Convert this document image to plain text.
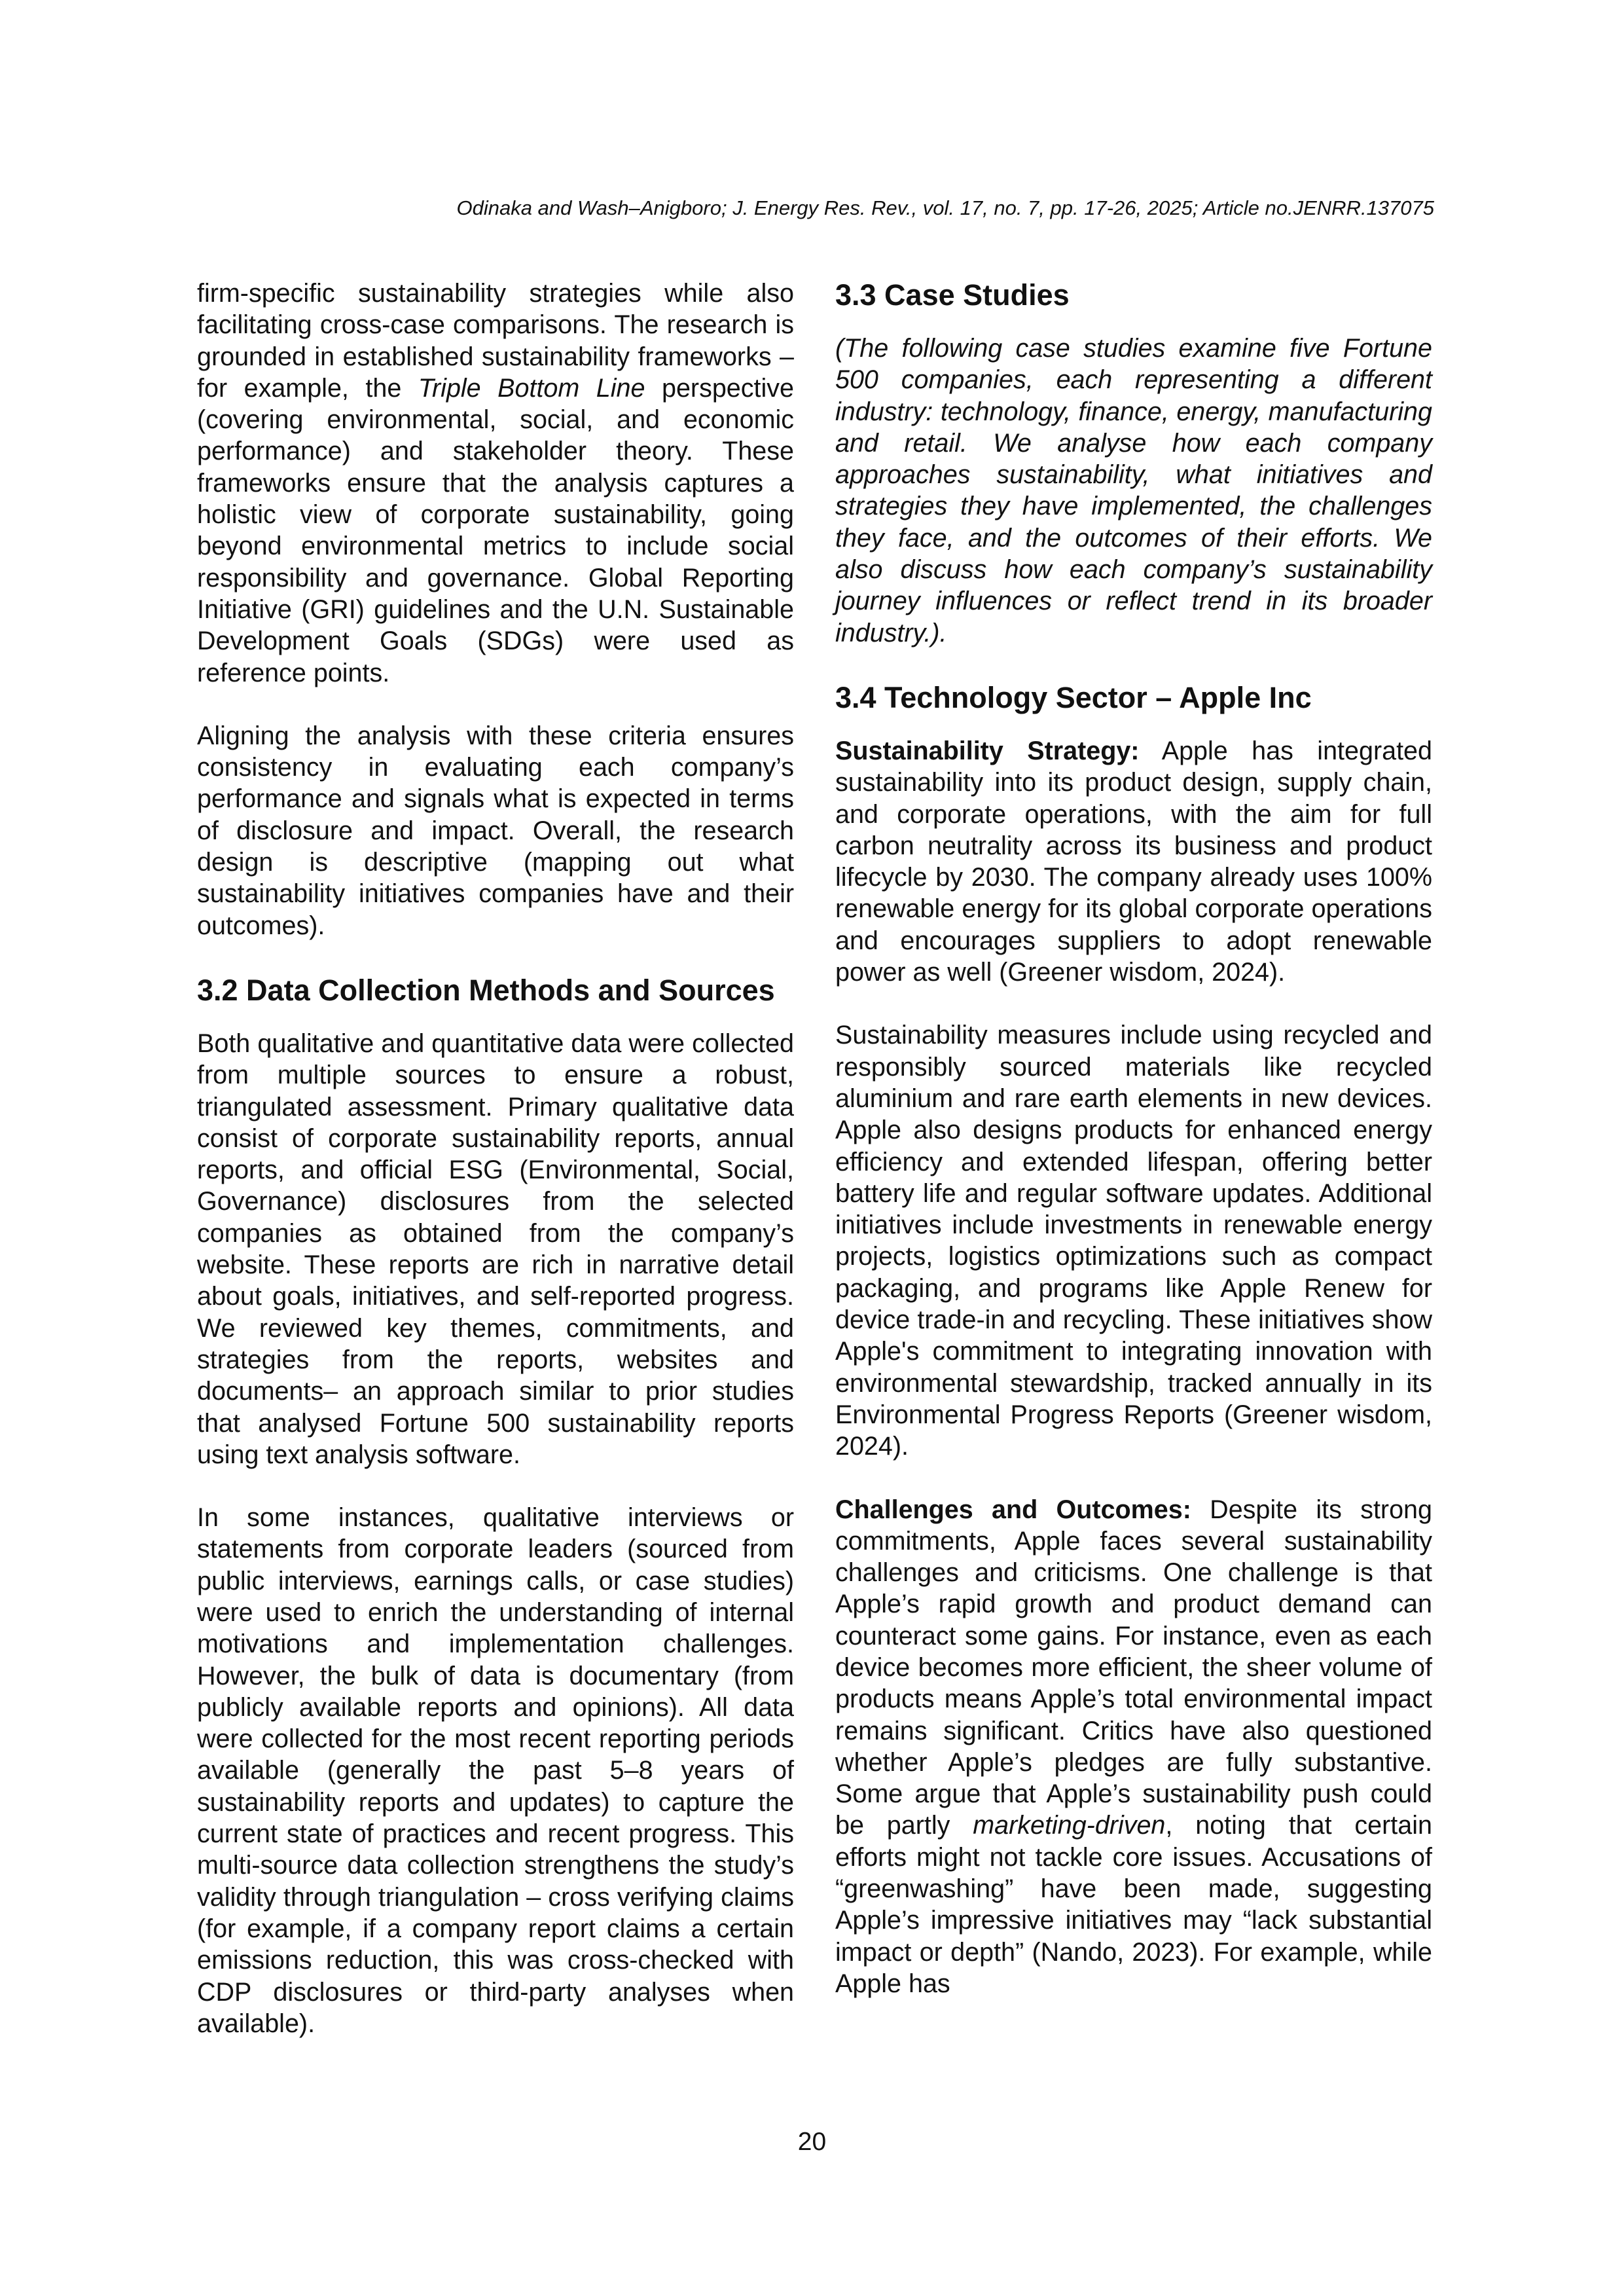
Odinaka and Wash–Anigboro; J. Energy Res. Rev., vol. 17, no. 7, pp. 17-26, 2025; Article no.JENRR.137075

firm-specific sustainability strategies while also facilitating cross-case comparisons. The research is grounded in established sustainability frameworks – for example, the Triple Bottom Line perspective (covering environmental, social, and economic performance) and stakeholder theory. These frameworks ensure that the analysis captures a holistic view of corporate sustainability, going beyond environmental metrics to include social responsibility and governance. Global Reporting Initiative (GRI) guidelines and the U.N. Sustainable Development Goals (SDGs) were used as reference points.

Aligning the analysis with these criteria ensures consistency in evaluating each company’s performance and signals what is expected in terms of disclosure and impact. Overall, the research design is descriptive (mapping out what sustainability initiatives companies have and their outcomes).

3.2 Data Collection Methods and Sources

Both qualitative and quantitative data were collected from multiple sources to ensure a robust, triangulated assessment. Primary qualitative data consist of corporate sustainability reports, annual reports, and official ESG (Environmental, Social, Governance) disclosures from the selected companies as obtained from the company’s website. These reports are rich in narrative detail about goals, initiatives, and self-reported progress. We reviewed key themes, commitments, and strategies from the reports, websites and documents– an approach similar to prior studies that analysed Fortune 500 sustainability reports using text analysis software.

In some instances, qualitative interviews or statements from corporate leaders (sourced from public interviews, earnings calls, or case studies) were used to enrich the understanding of internal motivations and implementation challenges. However, the bulk of data is documentary (from publicly available reports and opinions). All data were collected for the most recent reporting periods available (generally the past 5–8 years of sustainability reports and updates) to capture the current state of practices and recent progress. This multi-source data collection strengthens the study’s validity through triangulation – cross verifying claims (for example, if a company report claims a certain emissions reduction, this was cross-checked with CDP disclosures or third-party analyses when available).

3.3 Case Studies

(The following case studies examine five Fortune 500 companies, each representing a different industry: technology, finance, energy, manufacturing and retail. We analyse how each company approaches sustainability, what initiatives and strategies they have implemented, the challenges they face, and the outcomes of their efforts. We also discuss how each company’s sustainability journey influences or reflect trend in its broader industry.).

3.4 Technology Sector – Apple Inc

Sustainability Strategy: Apple has integrated sustainability into its product design, supply chain, and corporate operations, with the aim for full carbon neutrality across its business and product lifecycle by 2030. The company already uses 100% renewable energy for its global corporate operations and encourages suppliers to adopt renewable power as well (Greener wisdom, 2024).

Sustainability measures include using recycled and responsibly sourced materials like recycled aluminium and rare earth elements in new devices. Apple also designs products for enhanced energy efficiency and extended lifespan, offering better battery life and regular software updates. Additional initiatives include investments in renewable energy projects, logistics optimizations such as compact packaging, and programs like Apple Renew for device trade-in and recycling. These initiatives show Apple's commitment to integrating innovation with environmental stewardship, tracked annually in its Environmental Progress Reports (Greener wisdom, 2024).

Challenges and Outcomes: Despite its strong commitments, Apple faces several sustainability challenges and criticisms. One challenge is that Apple’s rapid growth and product demand can counteract some gains. For instance, even as each device becomes more efficient, the sheer volume of products means Apple’s total environmental impact remains significant. Critics have also questioned whether Apple’s pledges are fully substantive. Some argue that Apple’s sustainability push could be partly marketing-driven, noting that certain efforts might not tackle core issues. Accusations of “greenwashing” have been made, suggesting Apple’s impressive initiatives may “lack substantial impact or depth” (Nando, 2023). For example, while Apple has

20
